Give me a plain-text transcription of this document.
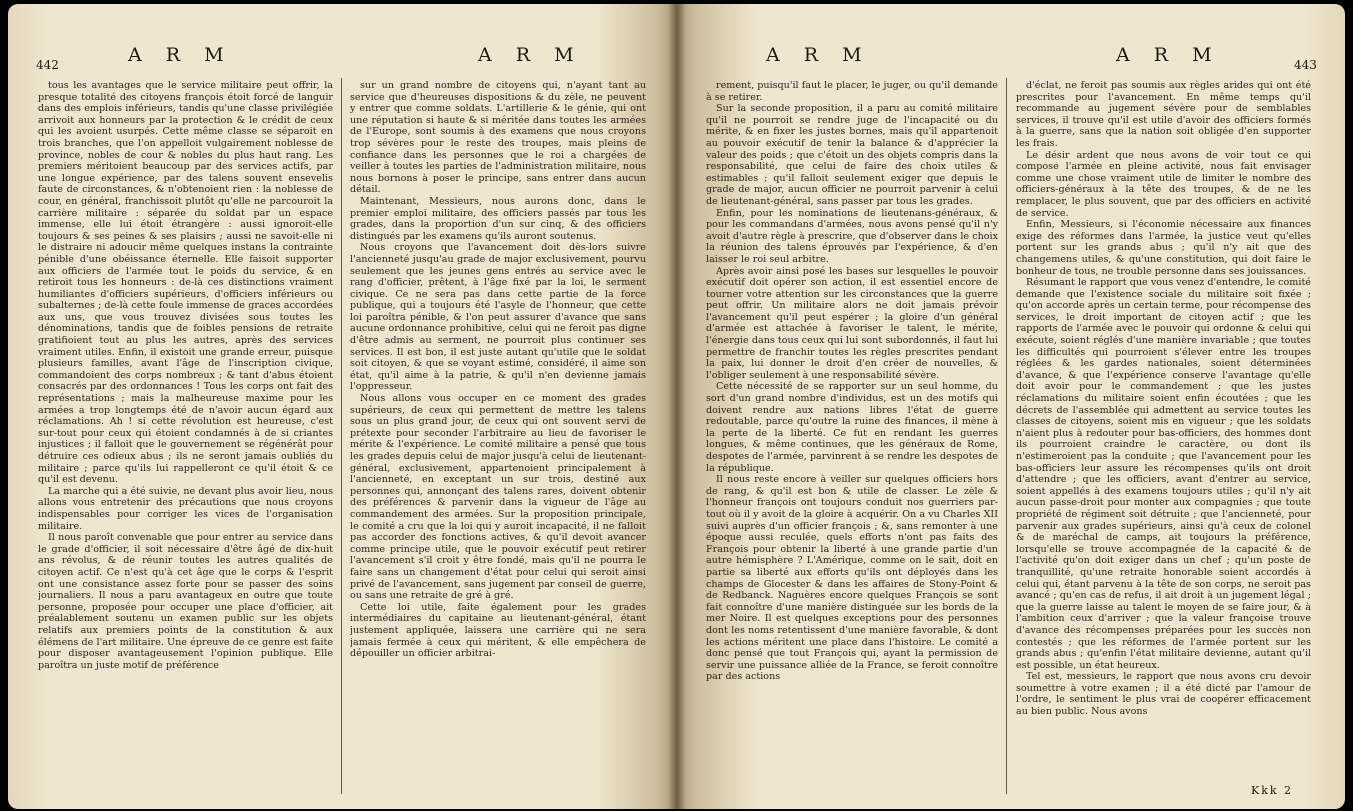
442	A R M	A R M

tous les avantages que le service militaire peut offrir, la presque totalité des citoyens françois étoit forcé de languir dans des emplois inférieurs, tandis qu'une classe privilégiée arrivoit aux honneurs par la protection & le crédit de ceux qui les avoient usurpés. Cette même classe se séparoit en trois branches, que l'on appelloit vulgairement noblesse de province, nobles de cour & nobles du plus haut rang. Les premiers méritoient beaucoup par des services actifs, par une longue expérience, par des talens souvent ensevelis faute de circonstances, & n'obtenoient rien : la noblesse de cour, en général, franchissoit plutôt qu'elle ne parcouroit la carrière militaire : séparée du soldat par un espace immense, elle lui étoit étrangère : aussi ignoroit-elle toujours & ses peines & ses plaisirs ; aussi ne savoit-elle ni le distraire ni adoucir même quelques instans la contrainte pénible d'une obéissance éternelle. Elle faisoit supporter aux officiers de l'armée tout le poids du service, & en retiroit tous les honneurs : de-là ces distinctions vraiment humiliantes d'officiers supérieurs, d'officiers inférieurs ou subalternes ; de-là cette foule immense de graces accordées aux uns, que vous trouvez divisées sous toutes les dénominations, tandis que de foibles pensions de retraite gratifioient tout au plus les autres, après des services vraiment utiles. Enfin, il existoit une grande erreur, puisque plusieurs familles, avant l'âge de l'inscription civique, commandoient des corps nombreux ; & tant d'abus étoient consacrés par des ordonnances ! Tous les corps ont fait des représentations ; mais la malheureuse maxime pour les armées a trop longtemps été de n'avoir aucun égard aux réclamations. Ah ! si cette révolution est heureuse, c'est sur-tout pour ceux qui étoient condamnés à de si criantes injustices ; il falloit que le gouvernement se régénérât pour détruire ces odieux abus ; ils ne seront jamais oubliés du militaire ; parce qu'ils lui rappelleront ce qu'il étoit & ce qu'il est devenu.

La marche qui a été suivie, ne devant plus avoir lieu, nous allons vous entretenir des précautions que nous croyons indispensables pour corriger les vices de l'organisation militaire.

Il nous paroît convenable que pour entrer au service dans le grade d'officier, il soit nécessaire d'être âgé de dix-huit ans révolus, & de réunir toutes les autres qualités de citoyen actif. Ce n'est qu'à cet âge que le corps & l'esprit ont une consistance assez forte pour se passer des soins journaliers. Il nous a paru avantageux en outre que toute personne, proposée pour occuper une place d'officier, ait préalablement soutenu un examen public sur les objets relatifs aux premiers points de la constitution & aux élémens de l'art militaire. Une épreuve de ce genre est faite pour disposer avantageusement l'opinion publique. Elle paroîtra un juste motif de préférence

sur un grand nombre de citoyens qui, n'ayant tant au service que d'heureuses dispositions & du zèle, ne peuvent y entrer que comme soldats. L'artillerie & le génie, qui ont une réputation si haute & si méritée dans toutes les armées de l'Europe, sont soumis à des examens que nous croyons trop sévères pour le reste des troupes, mais pleins de confiance dans les personnes que le roi a chargées de veiller à toutes les parties de l'administration militaire, nous nous bornons à poser le principe, sans entrer dans aucun détail.

Maintenant, Messieurs, nous aurons donc, dans le premier emploi militaire, des officiers passés par tous les grades, dans la proportion d'un sur cinq, & des officiers distingués par les examens qu'ils auront soutenus.

Nous croyons que l'avancement doit dès-lors suivre l'ancienneté jusqu'au grade de major exclusivement, pourvu seulement que les jeunes gens entrés au service avec le rang d'officier, prêtent, à l'âge fixé par la loi, le serment civique. Ce ne sera pas dans cette partie de la force publique, qui a toujours été l'asyle de l'honneur, que cette loi paroîtra pénible, & l'on peut assurer d'avance que sans aucune ordonnance prohibitive, celui qui ne feroit pas digne d'être admis au serment, ne pourroit plus continuer ses services. Il est bon, il est juste autant qu'utile que le soldat soit citoyen, & que se voyant estimé, considéré, il aime son état, qu'il aime à la patrie, & qu'il n'en devienne jamais l'oppresseur.

Nous allons vous occuper en ce moment des grades supérieurs, de ceux qui permettent de mettre les talens sous un plus grand jour, de ceux qui ont souvent servi de prétexte pour seconder l'arbitraire au lieu de favoriser le mérite & l'expérience. Le comité militaire a pensé que tous les grades depuis celui de major jusqu'à celui de lieutenant-général, exclusivement, appartenoient principalement à l'ancienneté, en exceptant un sur trois, destiné aux personnes qui, annonçant des talens rares, doivent obtenir des préférences & parvenir dans la vigueur de l'âge au commandement des armées. Sur la proposition principale, le comité a cru que la loi qui y auroit incapacité, il ne falloit pas accorder des fonctions actives, & qu'il devoit avancer comme principe utile, que le pouvoir exécutif peut retirer l'avancement s'il croit y être fondé, mais qu'il ne pourra le faire sans un changement d'état pour celui qui seroit ainsi privé de l'avancement, sans jugement par conseil de guerre, ou sans une retraite de gré à gré.

Cette loi utile, faite également pour les grades intermédiaires du capitaine au lieutenant-général, étant justement appliquée, laissera une carrière qui ne sera jamais fermée à ceux qui méritent, & elle empêchera de dépouiller un officier arbitrai-

A R M	A R M	443

rement, puisqu'il faut le placer, le juger, ou qu'il demande à se retirer.

Sur la seconde proposition, il a paru au comité militaire qu'il ne pourroit se rendre juge de l'incapacité ou du mérite, & en fixer les justes bornes, mais qu'il appartenoit au pouvoir exécutif de tenir la balance & d'apprécier la valeur des poids ; que c'étoit un des objets compris dans la responsabilité, que celui de faire des choix utiles & estimables ; qu'il falloit seulement exiger que depuis le grade de major, aucun officier ne pourroit parvenir à celui de lieutenant-général, sans passer par tous les grades.

Enfin, pour les nominations de lieutenans-généraux, & pour les commandans d'armées, nous avons pensé qu'il n'y avoit d'autre règle à prescrire, que d'observer dans le choix la réunion des talens éprouvés par l'expérience, & d'en laisser le roi seul arbitre.

Après avoir ainsi posé les bases sur lesquelles le pouvoir exécutif doit opérer son action, il est essentiel encore de tourner votre attention sur les circonstances que la guerre peut offrir. Un militaire alors ne doit jamais prévoir l'avancement qu'il peut espérer ; la gloire d'un général d'armée est attachée à favoriser le talent, le mérite, l'énergie dans tous ceux qui lui sont subordonnés, il faut lui permettre de franchir toutes les règles prescrites pendant la paix, lui donner le droit d'en créer de nouvelles, & l'obliger seulement à une responsabilité sévère.

Cette nécessité de se rapporter sur un seul homme, du sort d'un grand nombre d'individus, est un des motifs qui doivent rendre aux nations libres l'état de guerre redoutable, parce qu'outre la ruine des finances, il mène à la perte de la liberté. Ce fut en rendant les guerres longues, & même continues, que les généraux de Rome, despotes de l'armée, parvinrent à se rendre les despotes de la république.

Il nous reste encore à veiller sur quelques officiers hors de rang, & qu'il est bon & utile de classer. Le zèle & l'honneur françois ont toujours conduit nos guerriers par-tout où il y avoit de la gloire à acquérir. On a vu Charles XII suivi auprès d'un officier françois ; &, sans remonter à une époque aussi reculée, quels efforts n'ont pas faits des François pour obtenir la liberté à une grande partie d'un autre hémisphère ? L'Amérique, comme on le sait, doit en partie sa liberté aux efforts qu'ils ont déployés dans les champs de Glocester & dans les affaires de Stony-Point & de Redbanck. Naguères encore quelques François se sont fait connoître d'une manière distinguée sur les bords de la mer Noire. Il est quelques exceptions pour des personnes dont les noms retentissent d'une manière favorable, & dont les actions méritent une place dans l'histoire. Le comité a donc pensé que tout François qui, ayant la permission de servir une puissance alliée de la France, se feroit connoître par des actions

d'éclat, ne feroit pas soumis aux règles arides qui ont été prescrites pour l'avancement. En même temps qu'il recommande au jugement sévère pour de semblables services, il trouve qu'il est utile d'avoir des officiers formés à la guerre, sans que la nation soit obligée d'en supporter les frais.

Le désir ardent que nous avons de voir tout ce qui compose l'armée en pleine activité, nous fait envisager comme une chose vraiment utile de limiter le nombre des officiers-généraux à la tête des troupes, & de ne les remplacer, le plus souvent, que par des officiers en activité de service.

Enfin, Messieurs, si l'économie nécessaire aux finances exige des réformes dans l'armée, la justice veut qu'elles portent sur les grands abus ; qu'il n'y ait que des changemens utiles, & qu'une constitution, qui doit faire le bonheur de tous, ne trouble personne dans ses jouissances.

Résumant le rapport que vous venez d'entendre, le comité demande que l'existence sociale du militaire soit fixée ; qu'on accorde après un certain terme, pour récompense des services, le droit important de citoyen actif ; que les rapports de l'armée avec le pouvoir qui ordonne & celui qui exécute, soient réglés d'une manière invariable ; que toutes les difficultés qui pourroient s'élever entre les troupes réglées & les gardes nationales, soient déterminées d'avance, & que l'expérience conserve l'avantage qu'elle doit avoir pour le commandement ; que les justes réclamations du militaire soient enfin écoutées ; que les décrets de l'assemblée qui admettent au service toutes les classes de citoyens, soient mis en vigueur ; que les soldats n'aient plus à redouter pour bas-officiers, des hommes dont ils pourroient craindre le caractère, ou dont ils n'estimeroient pas la conduite ; que l'avancement pour les bas-officiers leur assure les récompenses qu'ils ont droit d'attendre ; que les officiers, avant d'entrer au service, soient appellés à des examens toujours utiles ; qu'il n'y ait aucun passe-droit pour monter aux compagnies ; que toute propriété de régiment soit détruite ; que l'ancienneté, pour parvenir aux grades supérieurs, ainsi qu'à ceux de colonel & de maréchal de camps, ait toujours la préférence, lorsqu'elle se trouve accompagnée de la capacité & de l'activité qu'on doit exiger dans un chef ; qu'un poste de tranquillité, qu'une retraite honorable soient accordés à celui qui, étant parvenu à la tête de son corps, ne seroit pas avancé ; qu'en cas de refus, il ait droit à un jugement légal ; que la guerre laisse au talent le moyen de se faire jour, & à l'ambition ceux d'arriver ; que la valeur françoise trouve d'avance des récompenses préparées pour les succès non contestés ; que les réformes de l'armée portent sur les grands abus ; qu'enfin l'état militaire devienne, autant qu'il est possible, un état heureux.

Tel est, messieurs, le rapport que nous avons cru devoir soumettre à votre examen ; il a été dicté par l'amour de l'ordre, le sentiment le plus vrai de coopérer efficacement au bien public. Nous avons

Kkk 2
